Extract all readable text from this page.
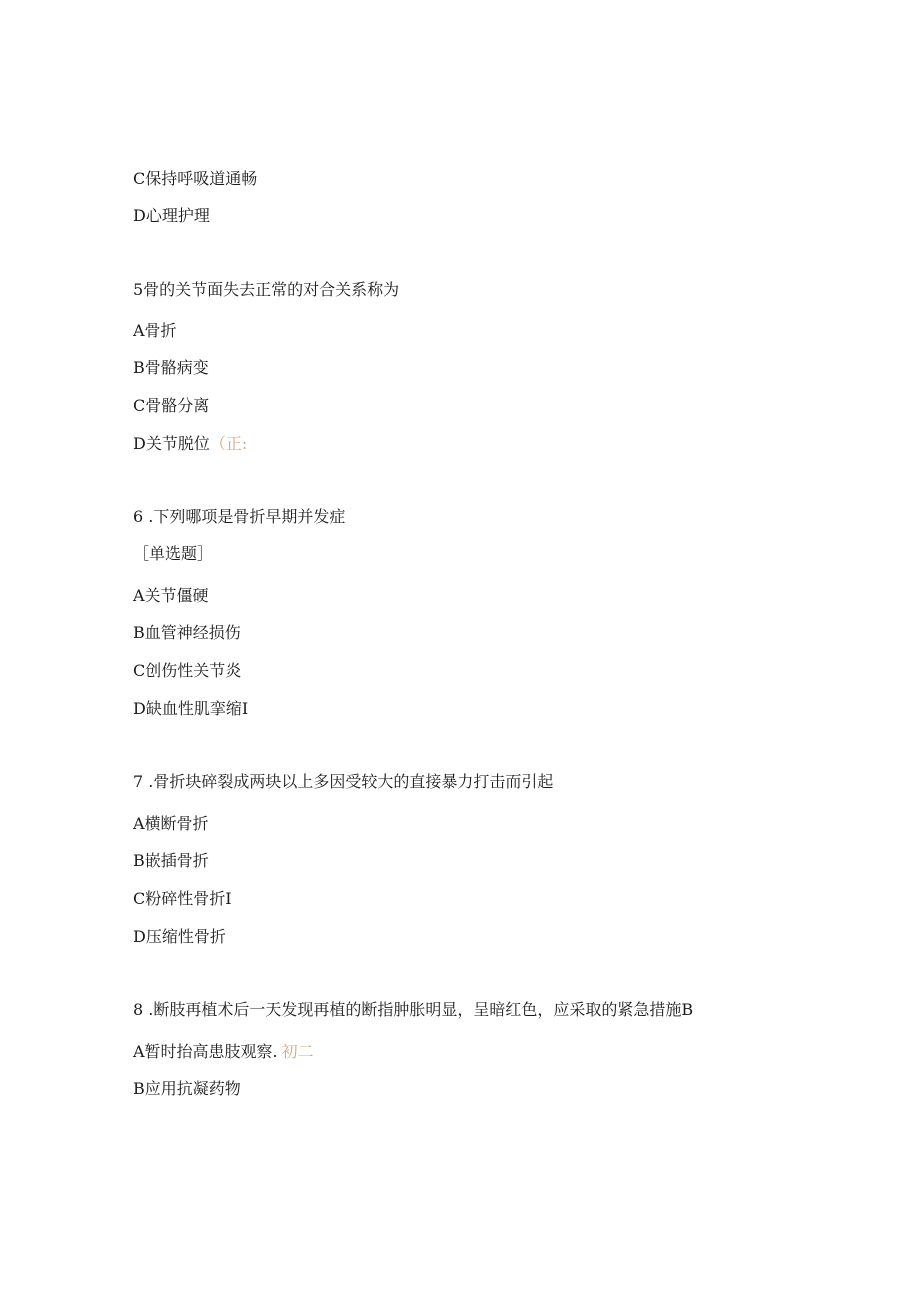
C保持呼吸道通畅
D心理护理
5骨的关节面失去正常的对合关系称为
A骨折
B骨骼病变
C骨骼分离
D关节脱位（正:
6 .下列哪项是骨折早期并发症
［单选题］
A关节僵硬
B血管神经损伤
C创伤性关节炎
D缺血性肌挛缩I
7 .骨折块碎裂成两块以上多因受较大的直接暴力打击而引起
A横断骨折
B嵌插骨折
C粉碎性骨折I
D压缩性骨折
8 .断肢再植术后一天发现再植的断指肿胀明显，呈暗红色，应采取的紧急措施B
A暂时抬高患肢观察. 初二
B应用抗凝药物
